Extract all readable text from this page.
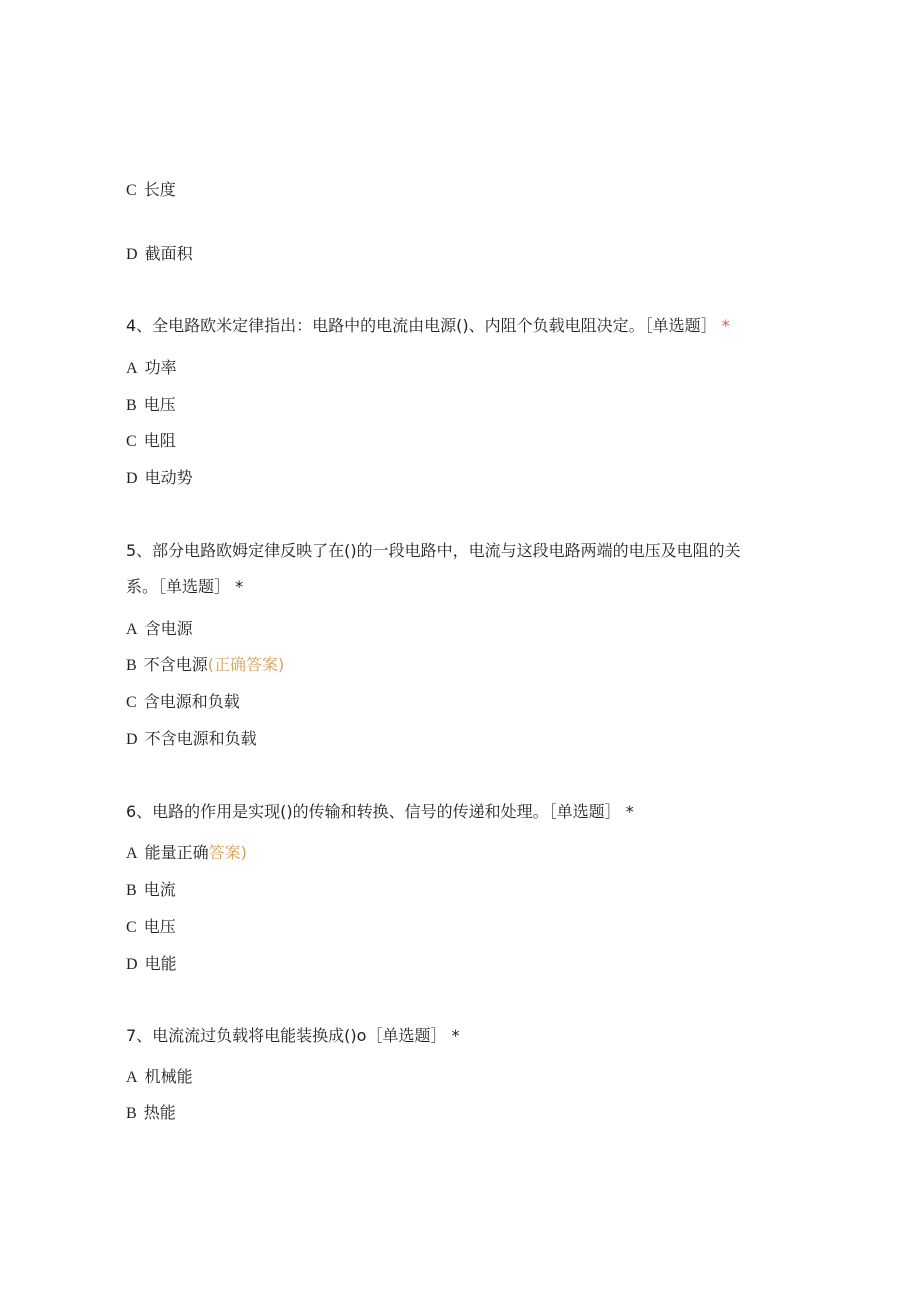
C 长度
D 截面积
4、全电路欧米定律指出：电路中的电流由电源()、内阻个负载电阻决定。［单选题］ *
A 功率
B 电压
C 电阻
D 电动势
5、部分电路欧姆定律反映了在()的一段电路中，电流与这段电路两端的电压及电阻的关
系。［单选题］ *
A 含电源
B 不含电源(正确答案)
C 含电源和负载
D 不含电源和负载
6、电路的作用是实现()的传输和转换、信号的传递和处理。［单选题］ *
A 能量正确答案)
B 电流
C 电压
D 电能
7、电流流过负载将电能装换成()o［单选题］ *
A 机械能
B 热能
